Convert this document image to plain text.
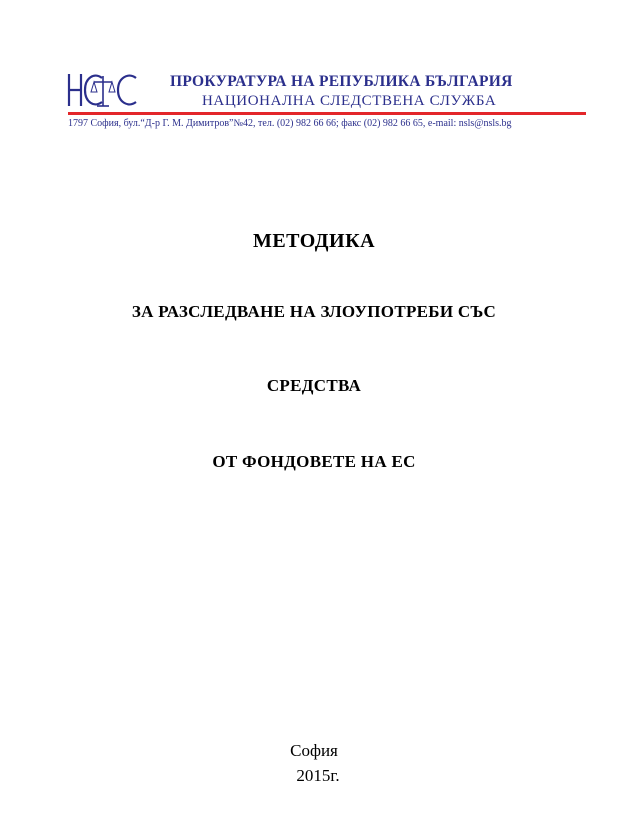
ПРОКУРАТУРА НА РЕПУБЛИКА БЪЛГАРИЯ
НАЦИОНАЛНА СЛЕДСТВЕНА СЛУЖБА
1797 София, бул.“Д-р Г. М. Димитров”№42, тел. (02) 982 66 66; факс (02) 982 66 65, e-mail: nsls@nsls.bg
МЕТОДИКА
ЗА РАЗСЛЕДВАНЕ НА ЗЛОУПОТРЕБИ СЪС
СРЕДСТВА
ОТ ФОНДОВЕТЕ НА ЕС
София
2015г.
